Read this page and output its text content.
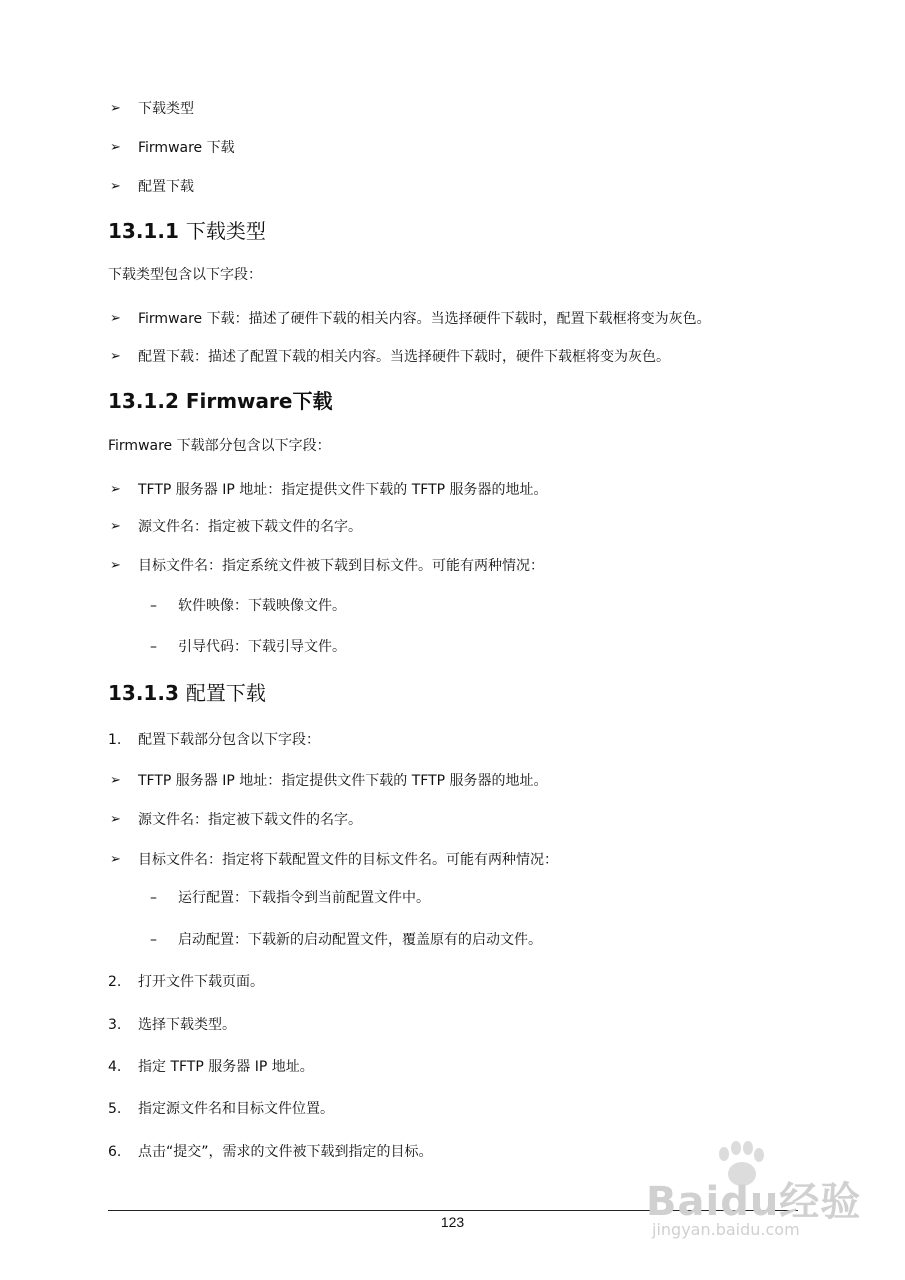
➢ 下载类型
➢ Firmware 下载
➢ 配置下载
13.1.1 下载类型
下载类型包含以下字段：
➢ Firmware 下载：描述了硬件下载的相关内容。当选择硬件下载时，配置下载框将变为灰色。
➢ 配置下载：描述了配置下载的相关内容。当选择硬件下载时，硬件下载框将变为灰色。
13.1.2 Firmware下载
Firmware 下载部分包含以下字段：
➢ TFTP 服务器 IP 地址：指定提供文件下载的 TFTP 服务器的地址。
➢ 源文件名：指定被下载文件的名字。
➢ 目标文件名：指定系统文件被下载到目标文件。可能有两种情况：
– 软件映像：下载映像文件。
– 引导代码：下载引导文件。
13.1.3 配置下载
1. 配置下载部分包含以下字段：
➢ TFTP 服务器 IP 地址：指定提供文件下载的 TFTP 服务器的地址。
➢ 源文件名：指定被下载文件的名字。
➢ 目标文件名：指定将下载配置文件的目标文件名。可能有两种情况：
– 运行配置：下载指令到当前配置文件中。
– 启动配置：下载新的启动配置文件，覆盖原有的启动文件。
2. 打开文件下载页面。
3. 选择下载类型。
4. 指定 TFTP 服务器 IP 地址。
5. 指定源文件名和目标文件位置。
6. 点击“提交”，需求的文件被下载到指定的目标。
123	Baidu经验
jingyan.baidu.com
